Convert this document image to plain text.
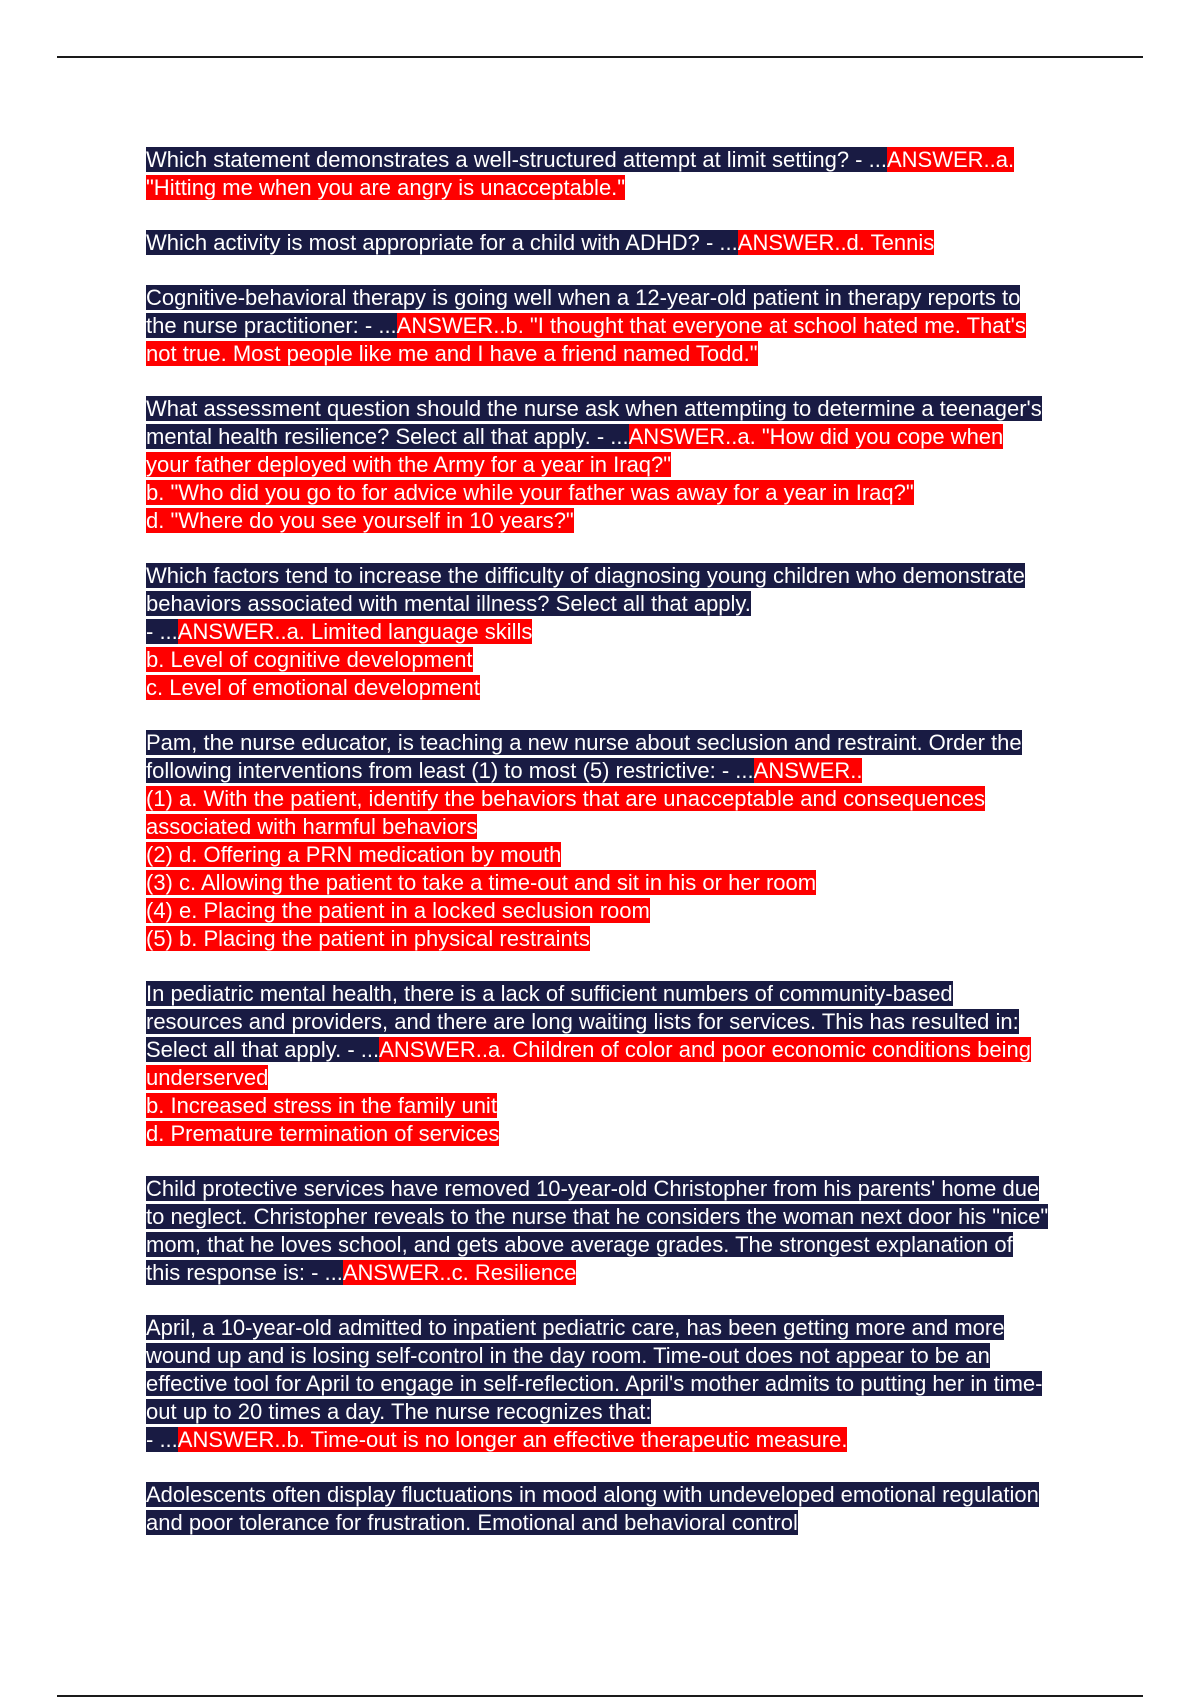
Which statement demonstrates a well-structured attempt at limit setting? - ...ANSWER..a. "Hitting me when you are angry is unacceptable."
Which activity is most appropriate for a child with ADHD? - ...ANSWER..d. Tennis
Cognitive-behavioral therapy is going well when a 12-year-old patient in therapy reports to the nurse practitioner: - ...ANSWER..b. "I thought that everyone at school hated me. That's not true. Most people like me and I have a friend named Todd."
What assessment question should the nurse ask when attempting to determine a teenager's mental health resilience? Select all that apply. - ...ANSWER..a. "How did you cope when your father deployed with the Army for a year in Iraq?"
b. "Who did you go to for advice while your father was away for a year in Iraq?"
d. "Where do you see yourself in 10 years?"
Which factors tend to increase the difficulty of diagnosing young children who demonstrate behaviors associated with mental illness? Select all that apply.
- ...ANSWER..a. Limited language skills
b. Level of cognitive development
c. Level of emotional development
Pam, the nurse educator, is teaching a new nurse about seclusion and restraint. Order the following interventions from least (1) to most (5) restrictive: - ...ANSWER..
(1) a. With the patient, identify the behaviors that are unacceptable and consequences associated with harmful behaviors
(2) d. Offering a PRN medication by mouth
(3) c. Allowing the patient to take a time-out and sit in his or her room
(4) e. Placing the patient in a locked seclusion room
(5) b. Placing the patient in physical restraints
In pediatric mental health, there is a lack of sufficient numbers of community-based resources and providers, and there are long waiting lists for services. This has resulted in: Select all that apply. - ...ANSWER..a. Children of color and poor economic conditions being underserved
b. Increased stress in the family unit
d. Premature termination of services
Child protective services have removed 10-year-old Christopher from his parents' home due to neglect. Christopher reveals to the nurse that he considers the woman next door his "nice" mom, that he loves school, and gets above average grades. The strongest explanation of this response is: - ...ANSWER..c. Resilience
April, a 10-year-old admitted to inpatient pediatric care, has been getting more and more wound up and is losing self-control in the day room. Time-out does not appear to be an effective tool for April to engage in self-reflection. April's mother admits to putting her in time-out up to 20 times a day. The nurse recognizes that:
- ...ANSWER..b. Time-out is no longer an effective therapeutic measure.
Adolescents often display fluctuations in mood along with undeveloped emotional regulation and poor tolerance for frustration. Emotional and behavioral control
